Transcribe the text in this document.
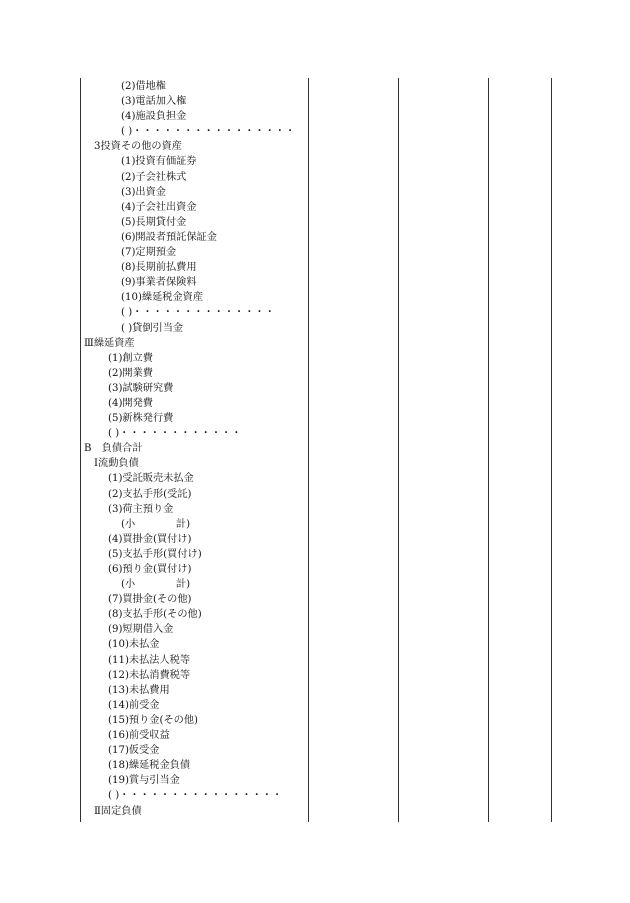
(2)借地権
(3)電話加入権
(4)施設負担金
( )・・・・・・・・・・・・・・・・
3投資その他の資産
(1)投資有価証券
(2)子会社株式
(3)出資金
(4)子会社出資金
(5)長期貸付金
(6)開設者預託保証金
(7)定期預金
(8)長期前払費用
(9)事業者保険料
(10)繰延税金資産
( )・・・・・・・・・・・・・・
( )貸倒引当金
Ⅲ繰延資産
(1)創立費
(2)開業費
(3)試験研究費
(4)開発費
(5)新株発行費
( )・・・・・・・・・・・・
B　負債合計
Ⅰ流動負債
(1)受託販売未払金
(2)支払手形(受託)
(3)荷主預り金
(小　　　　計)
(4)買掛金(買付け)
(5)支払手形(買付け)
(6)預り金(買付け)
(小　　　　計)
(7)買掛金(その他)
(8)支払手形(その他)
(9)短期借入金
(10)未払金
(11)未払法人税等
(12)未払消費税等
(13)未払費用
(14)前受金
(15)預り金(その他)
(16)前受収益
(17)仮受金
(18)繰延税金負債
(19)賞与引当金
( )・・・・・・・・・・・・・・・・
Ⅱ固定負債
